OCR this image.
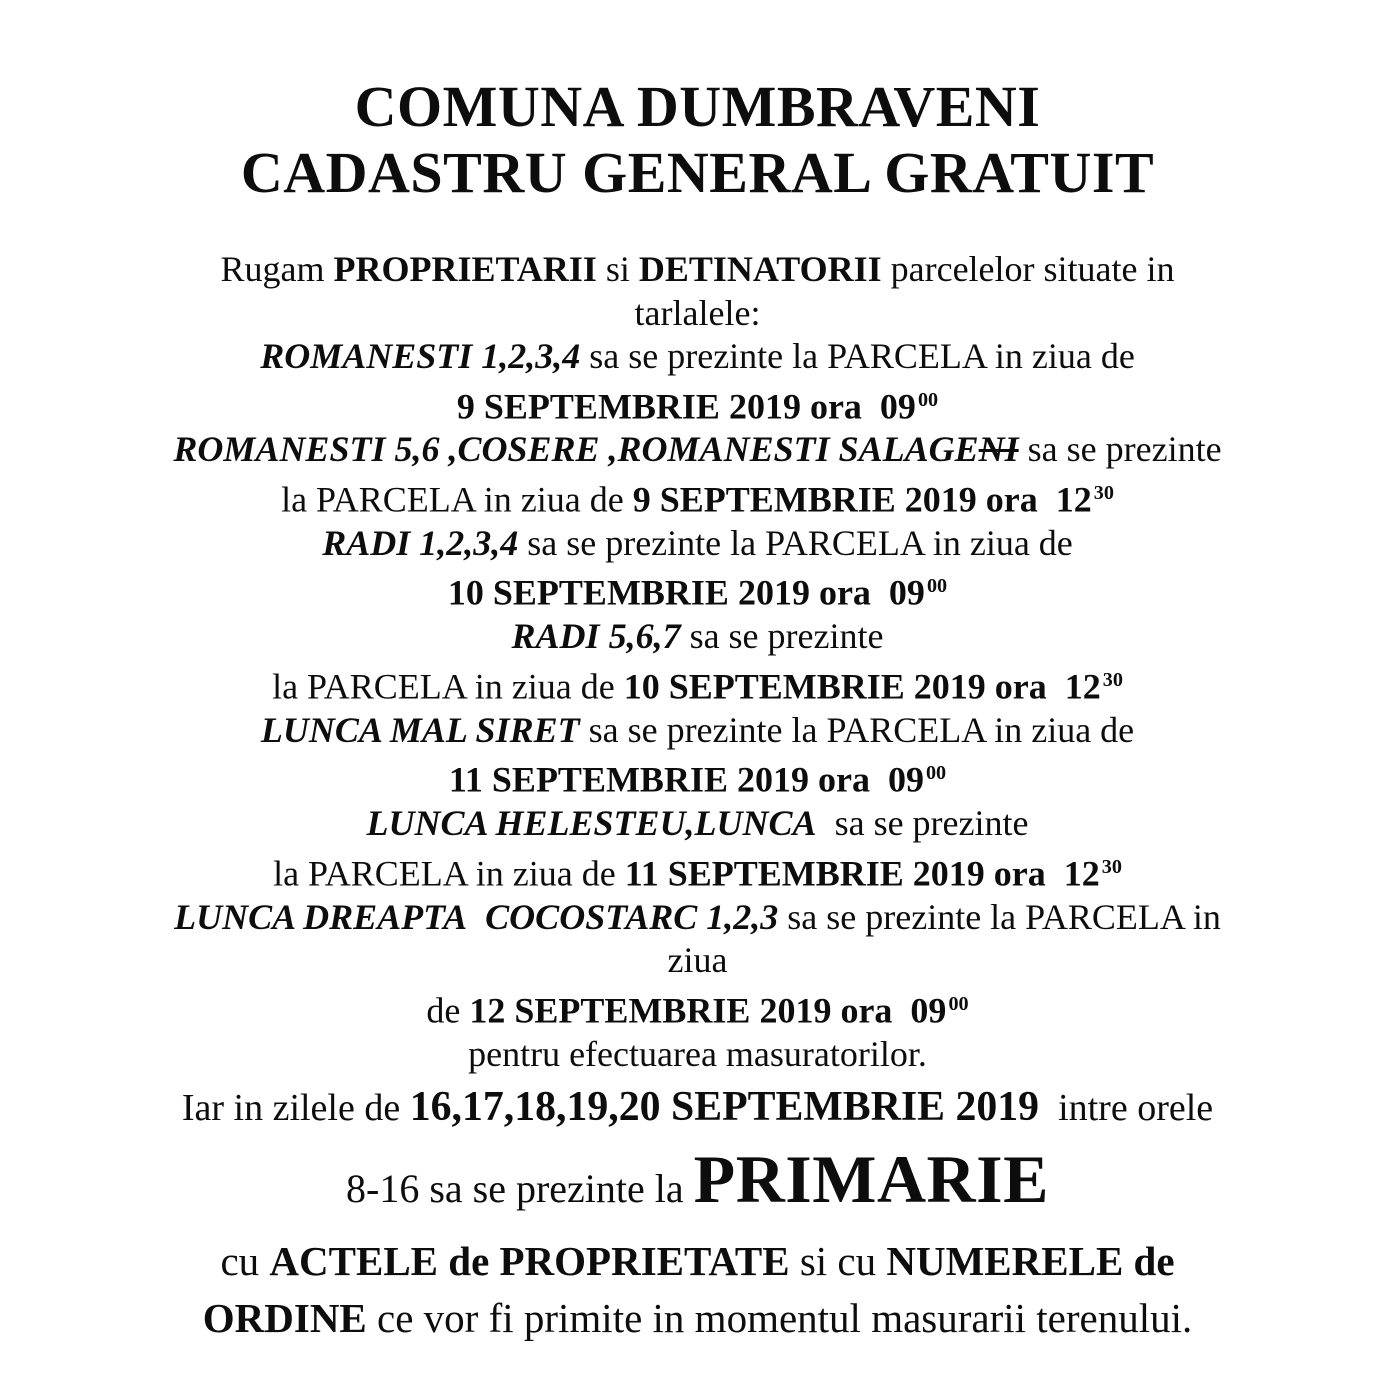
COMUNA DUMBRAVENI
CADASTRU GENERAL GRATUIT
Rugam PROPRIETARII si DETINATORII parcelelor situate in
tarlalele:
ROMANESTI 1,2,3,4 sa se prezinte la PARCELA in ziua de
9 SEPTEMBRIE 2019 ora  $09^{00}$
ROMANESTI 5,6 ,COSERE ,ROMANESTI SALAGENI sa se prezinte
la PARCELA in ziua de 9 SEPTEMBRIE 2019 ora  $12^{30}$
RADI 1,2,3,4 sa se prezinte la PARCELA in ziua de
10 SEPTEMBRIE 2019 ora  $09^{00}$
RADI 5,6,7 sa se prezinte
la PARCELA in ziua de 10 SEPTEMBRIE 2019 ora  $12^{30}$
LUNCA MAL SIRET sa se prezinte la PARCELA in ziua de
11 SEPTEMBRIE 2019 ora  $09^{00}$
LUNCA HELESTEU,LUNCA  sa se prezinte
la PARCELA in ziua de 11 SEPTEMBRIE 2019 ora  $12^{30}$
LUNCA DREAPTA  COCOSTARC 1,2,3 sa se prezinte la PARCELA in
ziua
de 12 SEPTEMBRIE 2019 ora  $09^{00}$
pentru efectuarea masuratorilor.
Iar in zilele de 16,17,18,19,20 SEPTEMBRIE 2019  intre orele
8-16 sa se prezinte la PRIMARIE
cu ACTELE de PROPRIETATE si cu NUMERELE de
ORDINE ce vor fi primite in momentul masurarii terenului.
